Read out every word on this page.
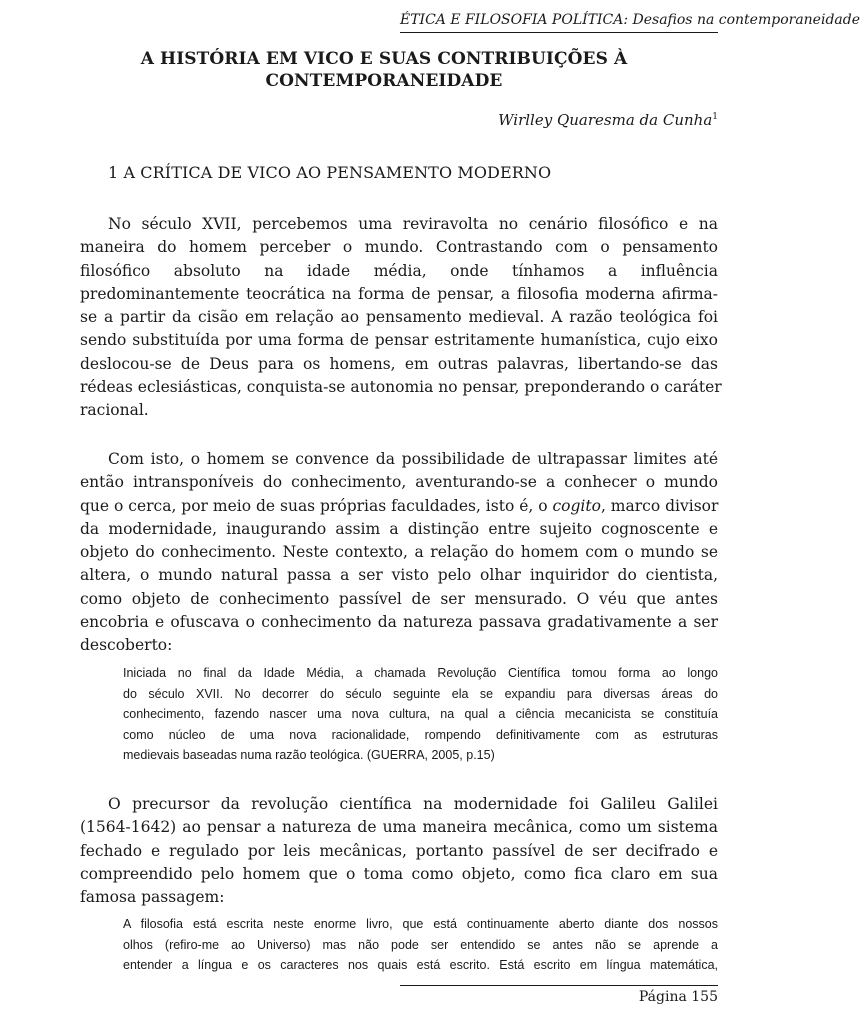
ÉTICA E FILOSOFIA POLÍTICA: Desafios na contemporaneidade
A HISTÓRIA EM VICO E SUAS CONTRIBUIÇÕES À
CONTEMPORANEIDADE
Wirlley Quaresma da Cunha$^1$
1 A CRÍTICA DE VICO AO PENSAMENTO MODERNO
No século XVII, percebemos uma reviravolta no cenário filosófico e na
maneira do homem perceber o mundo. Contrastando com o pensamento
filosófico absoluto na idade média, onde tínhamos a influência
predominantemente teocrática na forma de pensar, a filosofia moderna afirma-
se a partir da cisão em relação ao pensamento medieval. A razão teológica foi
sendo substituída por uma forma de pensar estritamente humanística, cujo eixo
deslocou-se de Deus para os homens, em outras palavras, libertando-se das
rédeas eclesiásticas, conquista-se autonomia no pensar, preponderando o caráter
racional.
Com isto, o homem se convence da possibilidade de ultrapassar limites até
então intransponíveis do conhecimento, aventurando-se a conhecer o mundo
que o cerca, por meio de suas próprias faculdades, isto é, o cogito, marco divisor
da modernidade, inaugurando assim a distinção entre sujeito cognoscente e
objeto do conhecimento. Neste contexto, a relação do homem com o mundo se
altera, o mundo natural passa a ser visto pelo olhar inquiridor do cientista,
como objeto de conhecimento passível de ser mensurado. O véu que antes
encobria e ofuscava o conhecimento da natureza passava gradativamente a ser
descoberto:
Iniciada no final da Idade Média, a chamada Revolução Científica tomou forma ao longo
do século XVII. No decorrer do século seguinte ela se expandiu para diversas áreas do
conhecimento, fazendo nascer uma nova cultura, na qual a ciência mecanicista se constituía
como núcleo de uma nova racionalidade, rompendo definitivamente com as estruturas
medievais baseadas numa razão teológica. (GUERRA, 2005, p.15)
O precursor da revolução científica na modernidade foi Galileu Galilei
(1564-1642) ao pensar a natureza de uma maneira mecânica, como um sistema
fechado e regulado por leis mecânicas, portanto passível de ser decifrado e
compreendido pelo homem que o toma como objeto, como fica claro em sua
famosa passagem:
A filosofia está escrita neste enorme livro, que está continuamente aberto diante dos nossos
olhos (refiro-me ao Universo) mas não pode ser entendido se antes não se aprende a
entender a língua e os caracteres nos quais está escrito. Está escrito em língua matemática,
Página 155
